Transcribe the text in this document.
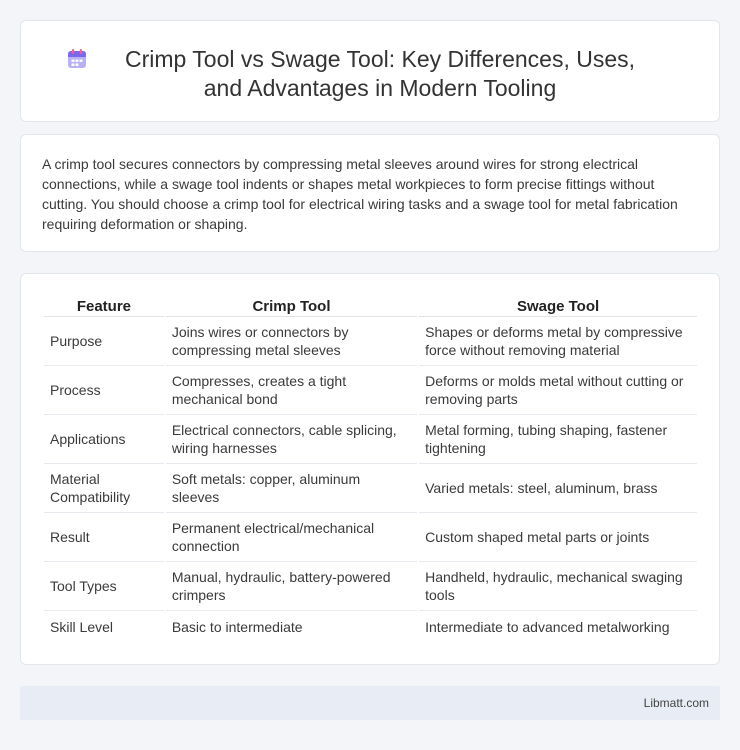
Crimp Tool vs Swage Tool: Key Differences, Uses, and Advantages in Modern Tooling

A crimp tool secures connectors by compressing metal sleeves around wires for strong electrical connections, while a swage tool indents or shapes metal workpieces to form precise fittings without cutting. You should choose a crimp tool for electrical wiring tasks and a swage tool for metal fabrication requiring deformation or shaping.

Feature	Crimp Tool	Swage Tool
Purpose	Joins wires or connectors by compressing metal sleeves	Shapes or deforms metal by compressive force without removing material
Process	Compresses, creates a tight mechanical bond	Deforms or molds metal without cutting or removing parts
Applications	Electrical connectors, cable splicing, wiring harnesses	Metal forming, tubing shaping, fastener tightening
Material Compatibility	Soft metals: copper, aluminum sleeves	Varied metals: steel, aluminum, brass
Result	Permanent electrical/mechanical connection	Custom shaped metal parts or joints
Tool Types	Manual, hydraulic, battery-powered crimpers	Handheld, hydraulic, mechanical swaging tools
Skill Level	Basic to intermediate	Intermediate to advanced metalworking
Libmatt.com
